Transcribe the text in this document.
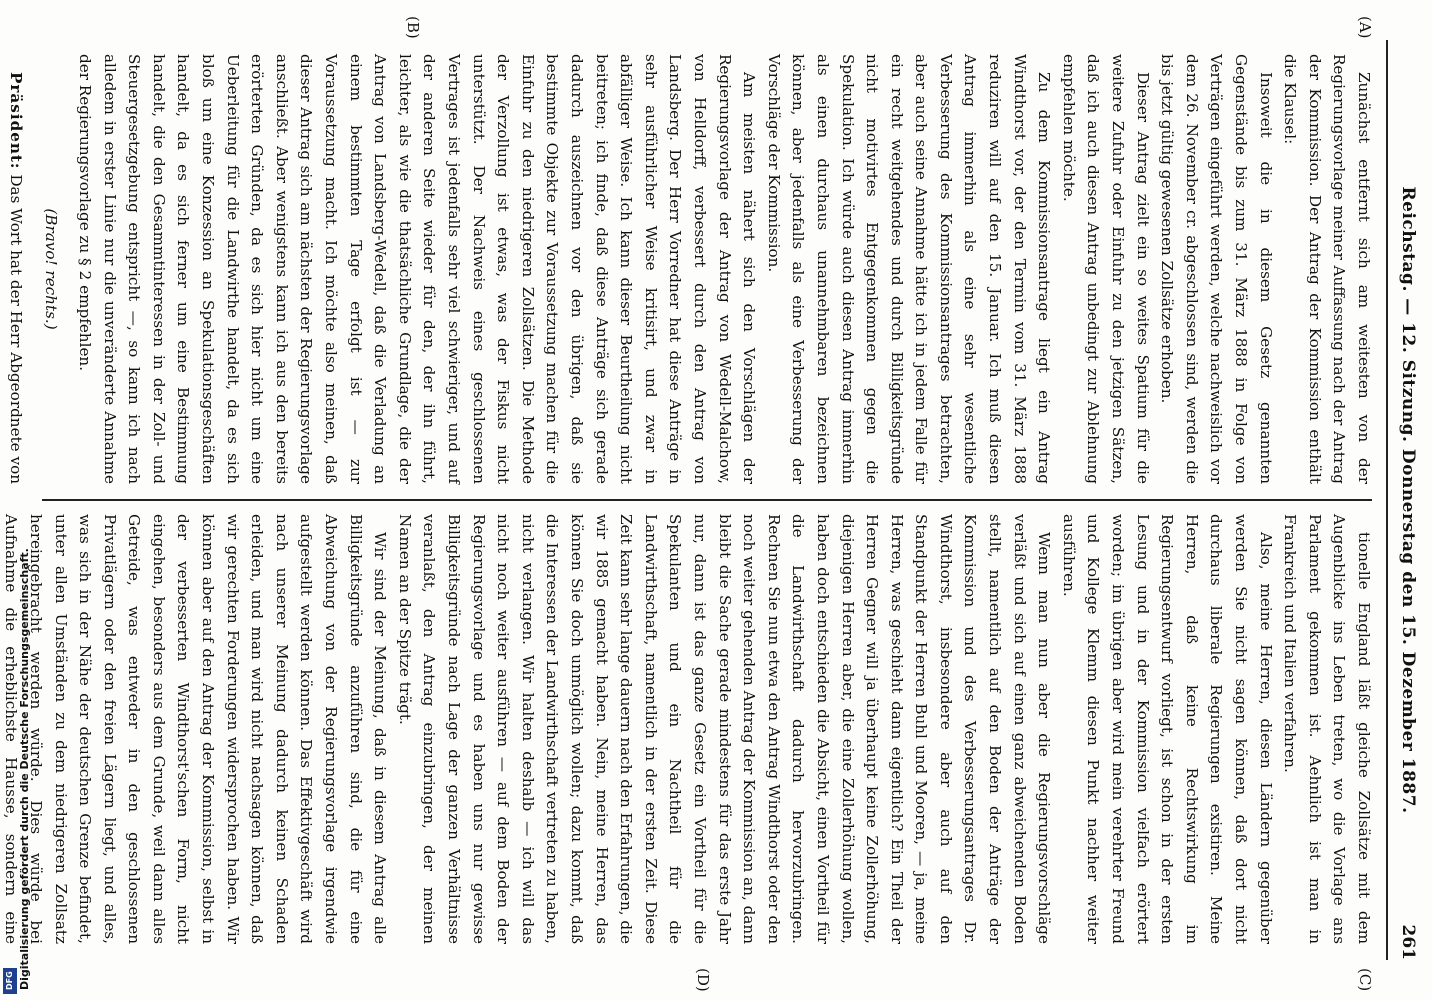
Reichstag. — 12. Sitzung. Donnerstag den 15. Dezember 1887.
261
(A)
(B)
(C)
(D)

Zunächst entfernt sich am weitesten von der Regierungsvorlage meiner Auffassung nach der Antrag der Kommission. Der Antrag der Kommission enthält die Klausel:

Insoweit die in diesem Gesetz genannten Gegenstände bis zum 31. März 1888 in Folge von Verträgen eingeführt werden, welche nachweislich vor dem 26. November cr. abgeschlossen sind, werden die bis jetzt gültig gewesenen Zollsätze erhoben.

Dieser Antrag zielt ein so weites Spatium für die weitere Zufuhr oder Einfuhr zu den jetzigen Sätzen, daß ich auch diesen Antrag unbedingt zur Ablehnung empfehlen möchte.

Zu dem Kommissionsantrage liegt ein Antrag Windthorst vor, der den Termin vom 31. März 1888 reduziren will auf den 15. Januar. Ich muß diesen Antrag immerhin als eine sehr wesentliche Verbesserung des Kommissionsantrages betrachten, aber auch seine Annahme hätte ich in jedem Falle für ein recht weitgehendes und durch Billigkeitsgründe nicht motivirtes Entgegenkommen gegen die Spekulation. Ich würde auch diesen Antrag immerhin als einen durchaus unannehmbaren bezeichnen können, aber jedenfalls als eine Verbesserung der Vorschläge der Kommission.

Am meisten nähert sich den Vorschlägen der Regierungsvorlage der Antrag von Wedell-Malchow, von Helldorff, verbessert durch den Antrag von Landsberg. Der Herr Vorredner hat diese Anträge in sehr ausführlicher Weise kritisirt, und zwar in abfälliger Weise. Ich kann dieser Beurtheilung nicht beitreten; ich finde, daß diese Anträge sich gerade dadurch auszeichnen vor den übrigen, daß sie bestimmte Objekte zur Voraussetzung machen für die Einfuhr zu den niedrigeren Zollsätzen. Die Methode der Verzollung ist etwas, was der Fiskus nicht unterstützt. Der Nachweis eines geschlossenen Vertrages ist jedenfalls sehr viel schwieriger, und auf der anderen Seite wieder für den, der ihn führt, leichter, als wie die thatsächliche Grundlage, die der Antrag von Landsberg-Wedell, daß die Verladung an einem bestimmten Tage erfolgt ist — zur Voraussetzung macht. Ich möchte also meinen, daß dieser Antrag sich am nächsten der Regierungsvorlage anschließt. Aber wenigstens kann ich aus den bereits erörterten Gründen, da es sich hier nicht um eine Ueberleitung für die Landwirthe handelt, da es sich bloß um eine Konzession an Spekulationsgeschäften handelt, da es sich ferner um eine Bestimmung handelt, die den Gesammtinteressen in der Zoll- und Steuergesetzgebung entspricht —, so kann ich nach alledem in erster Linie nur die unveränderte Annahme der Regierungsvorlage zu § 2 empfehlen.

(Bravo! rechts.)

Präsident: Das Wort hat der Herr Abgeordnete von

tionelle England läßt gleiche Zollsätze mit dem Augenblicke ins Leben treten, wo die Vorlage ans Parlament gekommen ist. Aehnlich ist man in Frankreich und Italien verfahren.

Also, meine Herren, diesen Ländern gegenüber werden Sie nicht sagen können, daß dort nicht durchaus liberale Regierungen existiren. Meine Herren, daß keine Rechtswirkung im Regierungsentwurf vorliegt, ist schon in der ersten Lesung und in der Kommission vielfach erörtert worden; im übrigen aber wird mein verehrter Freund und Kollege Klemm diesen Punkt nachher weiter ausführen.

Wenn man nun aber die Regierungsvorschläge verläßt und sich auf einen ganz abweichenden Boden stellt, namentlich auf den Boden der Anträge der Kommission und des Verbesserungsantrages Dr. Windthorst, insbesondere aber auch auf den Standpunkt der Herren Buhl und Mooren, — ja, meine Herren, was geschieht dann eigentlich? Ein Theil der Herren Gegner will ja überhaupt keine Zollerhöhung, diejenigen Herren aber, die eine Zollerhöhung wollen, haben doch entschieden die Absicht, einen Vortheil für die Landwirthschaft dadurch hervorzubringen. Rechnen Sie nun etwa den Antrag Windthorst oder den noch weiter gehenden Antrag der Kommission an, dann bleibt die Sache gerade mindestens für das erste Jahr nur, dann ist das ganze Gesetz ein Vortheil für die Spekulanten und ein Nachtheil für die Landwirthschaft, namentlich in der ersten Zeit. Diese Zeit kann sehr lange dauern nach den Erfahrungen, die wir 1885 gemacht haben. Nein, meine Herren, das können Sie doch unmöglich wollen; dazu kommt, daß die Interessen der Landwirthschaft vertreten zu haben, nicht verlangen. Wir halten deshalb — ich will das nicht noch weiter ausführen — auf dem Boden der Regierungsvorlage und es haben uns nur gewisse Billigkeitsgründe nach Lage der ganzen Verhältnisse veranlaßt, den Antrag einzubringen, der meinen Namen an der Spitze trägt.

Wir sind der Meinung, daß in diesem Antrag alle Billigkeitsgründe anzuführen sind, die für eine Abweichung von der Regierungsvorlage irgendwie aufgestellt werden können. Das Effektivgeschäft wird nach unserer Meinung dadurch keinen Schaden erleiden, und man wird nicht nachsagen können, daß wir gerechten Forderungen widersprochen haben. Wir können aber auf den Antrag der Kommission, selbst in der verbesserten Windthorst'schen Form, nicht eingehen, besonders aus dem Grunde, weil dann alles Getreide, was entweder in den geschlossenen Privatlägern oder den freien Lägern liegt, und alles, was sich in der Nähe der deutschen Grenze befindet, unter allen Umständen zu dem niedrigeren Zollsatz hereingebracht werden würde. Dies würde bei Aufnahme die erheblichste Hausse, sondern eine

Digitalisierung gefördert durch die Deutsche Forschungsgemeinschaft.
DFG
